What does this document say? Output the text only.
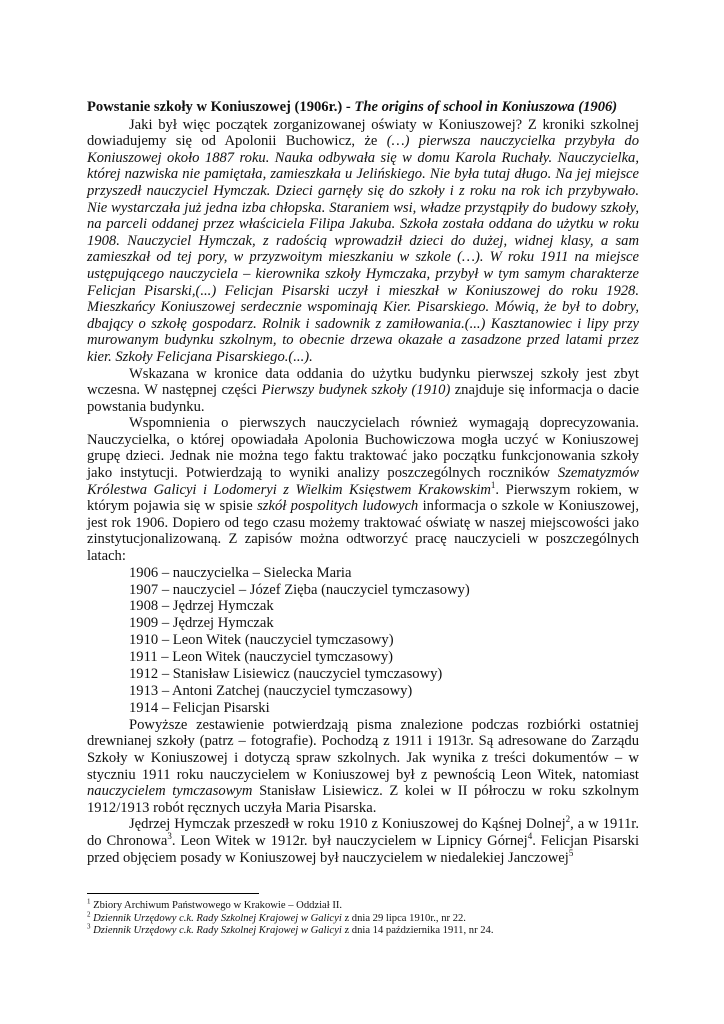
Powstanie szkoły w Koniuszowej (1906r.) - The origins of school in Koniuszowa (1906)

Jaki był więc początek zorganizowanej oświaty w Koniuszowej? Z kroniki szkolnej dowiadujemy się od Apolonii Buchowicz, że (…) pierwsza nauczycielka przybyła do Koniuszowej około 1887 roku. Nauka odbywała się w domu Karola Ruchały. Nauczycielka, której nazwiska nie pamiętała, zamieszkała u Jelińskiego. Nie była tutaj długo. Na jej miejsce przyszedł nauczyciel Hymczak. Dzieci garnęły się do szkoły i z roku na rok ich przybywało. Nie wystarczała już jedna izba chłopska. Staraniem wsi, władze przystąpiły do budowy szkoły, na parceli oddanej przez właściciela Filipa Jakuba. Szkoła została oddana do użytku w roku 1908. Nauczyciel Hymczak, z radością wprowadził dzieci do dużej, widnej klasy, a sam zamieszkał od tej pory, w przyzwoitym mieszkaniu w szkole (…). W roku 1911 na miejsce ustępującego nauczyciela – kierownika szkoły Hymczaka, przybył w tym samym charakterze Felicjan Pisarski,(...) Felicjan Pisarski uczył i mieszkał w Koniuszowej do roku 1928. Mieszkańcy Koniuszowej serdecznie wspominają Kier. Pisarskiego. Mówią, że był to dobry, dbający o szkołę gospodarz. Rolnik i sadownik z zamiłowania.(...) Kasztanowiec i lipy przy murowanym budynku szkolnym, to obecnie drzewa okazałe a zasadzone przed latami przez kier. Szkoły Felicjana Pisarskiego.(...).

Wskazana w kronice data oddania do użytku budynku pierwszej szkoły jest zbyt wczesna. W następnej części Pierwszy budynek szkoły (1910) znajduje się informacja o dacie powstania budynku.

Wspomnienia o pierwszych nauczycielach również wymagają doprecyzowania. Nauczycielka, o której opowiadała Apolonia Buchowiczowa mogła uczyć w Koniuszowej grupę dzieci. Jednak nie można tego faktu traktować jako początku funkcjonowania szkoły jako instytucji. Potwierdzają to wyniki analizy poszczególnych roczników Szematyzmów Królestwa Galicyi i Lodomeryi z Wielkim Księstwem Krakowskim$^1$. Pierwszym rokiem, w którym pojawia się w spisie szkół pospolitych ludowych informacja o szkole w Koniuszowej, jest rok 1906. Dopiero od tego czasu możemy traktować oświatę w naszej miejscowości jako zinstytucjonalizowaną. Z zapisów można odtworzyć pracę nauczycieli w poszczególnych latach:

1906 – nauczycielka – Sielecka Maria
1907 – nauczyciel – Józef Zięba (nauczyciel tymczasowy)
1908 – Jędrzej Hymczak
1909 – Jędrzej Hymczak
1910 – Leon Witek (nauczyciel tymczasowy)
1911 – Leon Witek (nauczyciel tymczasowy)
1912 – Stanisław Lisiewicz (nauczyciel tymczasowy)
1913 – Antoni Zatchej (nauczyciel tymczasowy)
1914 – Felicjan Pisarski

Powyższe zestawienie potwierdzają pisma znalezione podczas rozbiórki ostatniej drewnianej szkoły (patrz – fotografie). Pochodzą z 1911 i 1913r. Są adresowane do Zarządu Szkoły w Koniuszowej i dotyczą spraw szkolnych. Jak wynika z treści dokumentów – w styczniu 1911 roku nauczycielem w Koniuszowej był z pewnością Leon Witek, natomiast nauczycielem tymczasowym Stanisław Lisiewicz. Z kolei w II półroczu w roku szkolnym 1912/1913 robót ręcznych uczyła Maria Pisarska.

Jędrzej Hymczak przeszedł w roku 1910 z Koniuszowej do Kąśnej Dolnej$^2$, a w 1911r. do Chronowa$^3$. Leon Witek w 1912r. był nauczycielem w Lipnicy Górnej$^4$. Felicjan Pisarski przed objęciem posady w Koniuszowej był nauczycielem w niedalekiej Janczowej$^5$

$^1$ Zbiory Archiwum Państwowego w Krakowie – Oddział II.

$^2$ Dziennik Urzędowy c.k. Rady Szkolnej Krajowej w Galicyi z dnia 29 lipca 1910r., nr 22.

$^3$ Dziennik Urzędowy c.k. Rady Szkolnej Krajowej w Galicyi z dnia 14 października 1911, nr 24.
